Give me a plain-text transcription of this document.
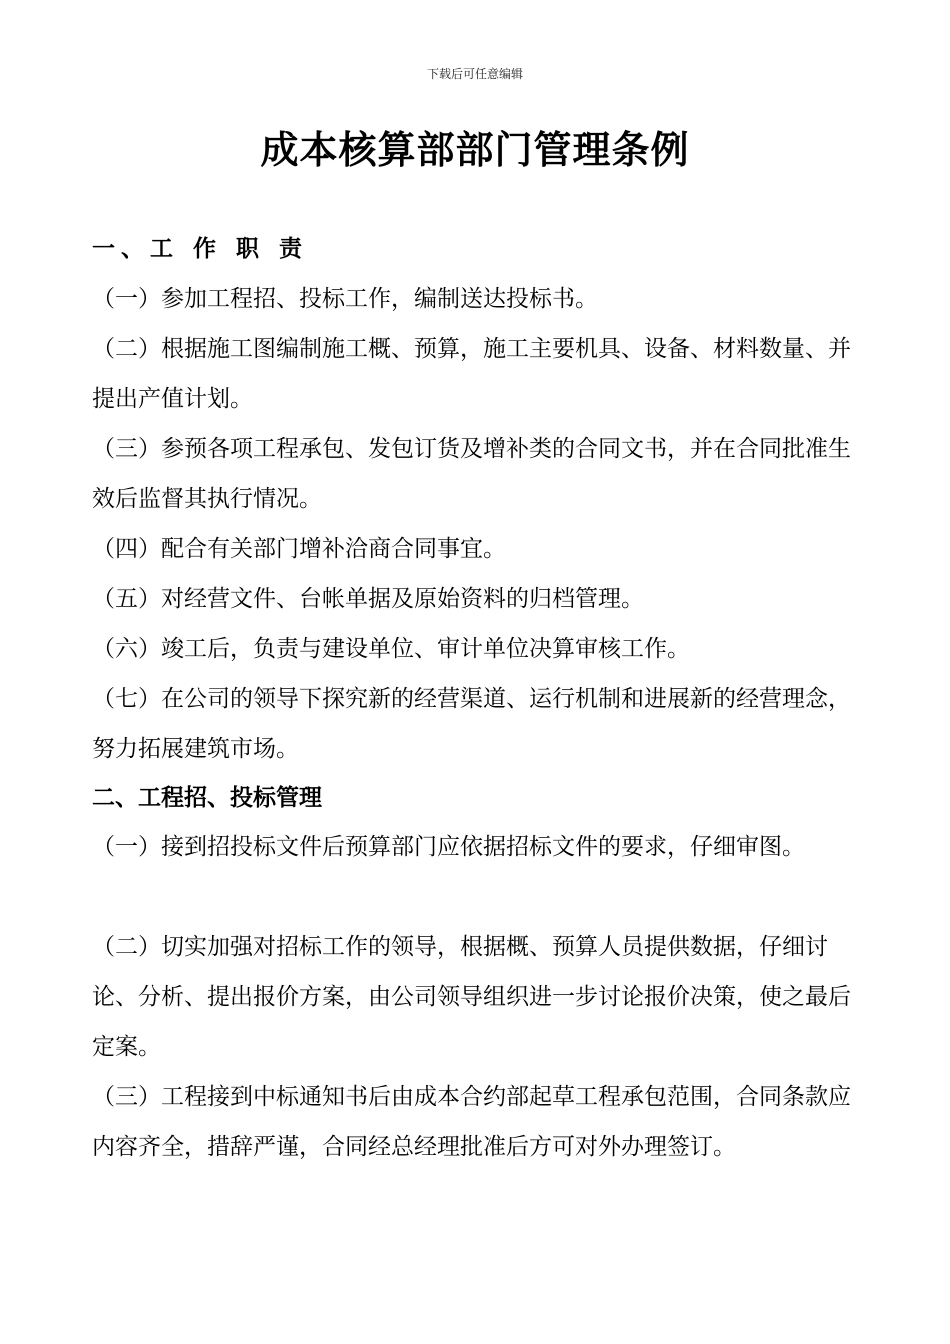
下载后可任意编辑
成本核算部部门管理条例
一、工 作 职 责

（一）参加工程招、投标工作，编制送达投标书。

（二）根据施工图编制施工概、预算，施工主要机具、设备、材料数量、并提出产值计划。

（三）参预各项工程承包、发包订货及增补类的合同文书，并在合同批准生效后监督其执行情况。

（四）配合有关部门增补洽商合同事宜。

（五）对经营文件、台帐单据及原始资料的归档管理。

（六）竣工后，负责与建设单位、审计单位决算审核工作。

（七）在公司的领导下探究新的经营渠道、运行机制和进展新的经营理念，努力拓展建筑市场。

二、工程招、投标管理
（一）接到招投标文件后预算部门应依据招标文件的要求，仔细审图。

（二）切实加强对招标工作的领导，根据概、预算人员提供数据，仔细讨论、分析、提出报价方案，由公司领导组织进一步讨论报价决策，使之最后定案。

（三）工程接到中标通知书后由成本合约部起草工程承包范围，合同条款应内容齐全，措辞严谨，合同经总经理批准后方可对外办理签订。
